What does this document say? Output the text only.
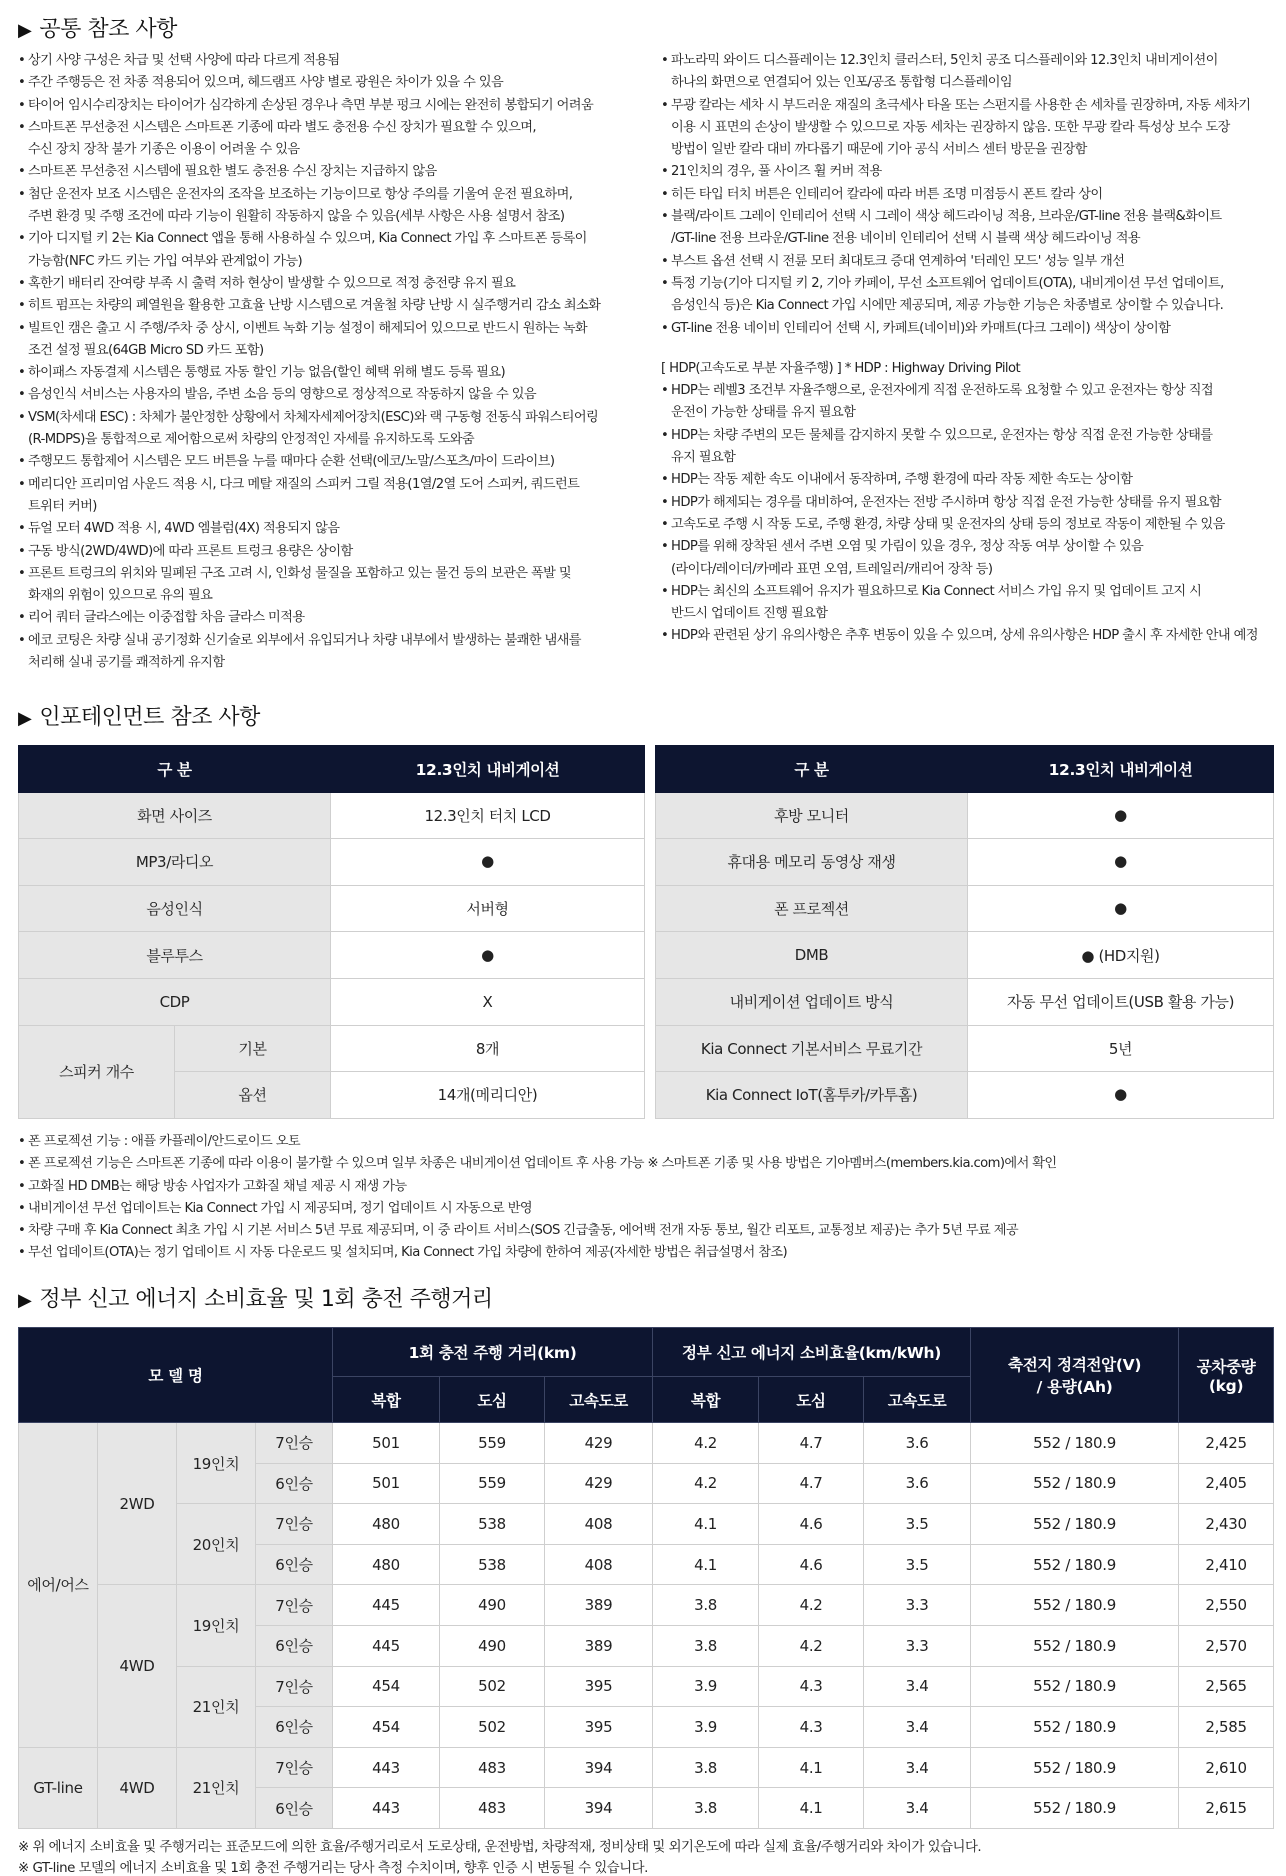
▶ 공통 참조 사항
• 상기 사양 구성은 차급 및 선택 사양에 따라 다르게 적용됨
• 주간 주행등은 전 차종 적용되어 있으며, 헤드램프 사양 별로 광원은 차이가 있을 수 있음
• 타이어 임시수리장치는 타이어가 심각하게 손상된 경우나 측면 부분 펑크 시에는 완전히 봉합되기 어려움
• 스마트폰 무선충전 시스템은 스마트폰 기종에 따라 별도 충전용 수신 장치가 필요할 수 있으며,
수신 장치 장착 불가 기종은 이용이 어려울 수 있음
• 스마트폰 무선충전 시스템에 필요한 별도 충전용 수신 장치는 지급하지 않음
• 첨단 운전자 보조 시스템은 운전자의 조작을 보조하는 기능이므로 항상 주의를 기울여 운전 필요하며,
주변 환경 및 주행 조건에 따라 기능이 원활히 작동하지 않을 수 있음(세부 사항은 사용 설명서 참조)
• 기아 디지털 키 2는 Kia Connect 앱을 통해 사용하실 수 있으며, Kia Connect 가입 후 스마트폰 등록이
가능함(NFC 카드 키는 가입 여부와 관계없이 가능)
• 혹한기 배터리 잔여량 부족 시 출력 저하 현상이 발생할 수 있으므로 적정 충전량 유지 필요
• 히트 펌프는 차량의 폐열원을 활용한 고효율 난방 시스템으로 겨울철 차량 난방 시 실주행거리 감소 최소화
• 빌트인 캠은 출고 시 주행/주차 중 상시, 이벤트 녹화 기능 설정이 해제되어 있으므로 반드시 원하는 녹화
조건 설정 필요(64GB Micro SD 카드 포함)
• 하이패스 자동결제 시스템은 통행료 자동 할인 기능 없음(할인 혜택 위해 별도 등록 필요)
• 음성인식 서비스는 사용자의 발음, 주변 소음 등의 영향으로 정상적으로 작동하지 않을 수 있음
• VSM(차세대 ESC) : 차체가 불안정한 상황에서 차체자세제어장치(ESC)와 랙 구동형 전동식 파워스티어링
(R-MDPS)을 통합적으로 제어함으로써 차량의 안정적인 자세를 유지하도록 도와줌
• 주행모드 통합제어 시스템은 모드 버튼을 누를 때마다 순환 선택(에코/노말/스포츠/마이 드라이브)
• 메리디안 프리미엄 사운드 적용 시, 다크 메탈 재질의 스피커 그릴 적용(1열/2열 도어 스피커, 쿼드런트
트위터 커버)
• 듀얼 모터 4WD 적용 시, 4WD 엠블럼(4X) 적용되지 않음
• 구동 방식(2WD/4WD)에 따라 프론트 트렁크 용량은 상이함
• 프론트 트렁크의 위치와 밀폐된 구조 고려 시, 인화성 물질을 포함하고 있는 물건 등의 보관은 폭발 및
화재의 위험이 있으므로 유의 필요
• 리어 쿼터 글라스에는 이중접합 차음 글라스 미적용
• 에코 코팅은 차량 실내 공기정화 신기술로 외부에서 유입되거나 차량 내부에서 발생하는 불쾌한 냄새를
처리해 실내 공기를 쾌적하게 유지함
• 파노라믹 와이드 디스플레이는 12.3인치 클러스터, 5인치 공조 디스플레이와 12.3인치 내비게이션이
하나의 화면으로 연결되어 있는 인포/공조 통합형 디스플레이임
• 무광 칼라는 세차 시 부드러운 재질의 초극세사 타올 또는 스펀지를 사용한 손 세차를 권장하며, 자동 세차기
이용 시 표면의 손상이 발생할 수 있으므로 자동 세차는 권장하지 않음. 또한 무광 칼라 특성상 보수 도장
방법이 일반 칼라 대비 까다롭기 때문에 기아 공식 서비스 센터 방문을 권장함
• 21인치의 경우, 풀 사이즈 휠 커버 적용
• 히든 타입 터치 버튼은 인테리어 칼라에 따라 버튼 조명 미점등시 폰트 칼라 상이
• 블랙/라이트 그레이 인테리어 선택 시 그레이 색상 헤드라이닝 적용, 브라운/GT-line 전용 블랙&화이트
/GT-line 전용 브라운/GT-line 전용 네이비 인테리어 선택 시 블랙 색상 헤드라이닝 적용
• 부스트 옵션 선택 시 전륜 모터 최대토크 증대 연계하여 '터레인 모드' 성능 일부 개선
• 특정 기능(기아 디지털 키 2, 기아 카페이, 무선 소프트웨어 업데이트(OTA), 내비게이션 무선 업데이트,
음성인식 등)은 Kia Connect 가입 시에만 제공되며, 제공 가능한 기능은 차종별로 상이할 수 있습니다.
• GT-line 전용 네이비 인테리어 선택 시, 카페트(네이비)와 카매트(다크 그레이) 색상이 상이함
[ HDP(고속도로 부분 자율주행) ] * HDP : Highway Driving Pilot
• HDP는 레벨3 조건부 자율주행으로, 운전자에게 직접 운전하도록 요청할 수 있고 운전자는 항상 직접
운전이 가능한 상태를 유지 필요함
• HDP는 차량 주변의 모든 물체를 감지하지 못할 수 있으므로, 운전자는 항상 직접 운전 가능한 상태를
유지 필요함
• HDP는 작동 제한 속도 이내에서 동작하며, 주행 환경에 따라 작동 제한 속도는 상이함
• HDP가 해제되는 경우를 대비하여, 운전자는 전방 주시하며 항상 직접 운전 가능한 상태를 유지 필요함
• 고속도로 주행 시 작동 도로, 주행 환경, 차량 상태 및 운전자의 상태 등의 정보로 작동이 제한될 수 있음
• HDP를 위해 장착된 센서 주변 오염 및 가림이 있을 경우, 정상 작동 여부 상이할 수 있음
(라이다/레이더/카메라 표면 오염, 트레일러/캐리어 장착 등)
• HDP는 최신의 소프트웨어 유지가 필요하므로 Kia Connect 서비스 가입 유지 및 업데이트 고지 시
반드시 업데이트 진행 필요함
• HDP와 관련된 상기 유의사항은 추후 변동이 있을 수 있으며, 상세 유의사항은 HDP 출시 후 자세한 안내 예정
▶ 인포테인먼트 참조 사항
구 분		12.3인치 내비게이션
화면 사이즈		12.3인치 터치 LCD
MP3/라디오		●
음성인식		서버형
블루투스		●
CDP		X
스피커 개수	기본	8개
	옵션	14개(메리디안)
구 분	12.3인치 내비게이션
후방 모니터	●
휴대용 메모리 동영상 재생	●
폰 프로젝션	●
DMB	● (HD지원)
내비게이션 업데이트 방식	자동 무선 업데이트(USB 활용 가능)
Kia Connect 기본서비스 무료기간	5년
Kia Connect IoT(홈투카/카투홈)	●
• 폰 프로젝션 기능 : 애플 카플레이/안드로이드 오토
• 폰 프로젝션 기능은 스마트폰 기종에 따라 이용이 불가할 수 있으며 일부 차종은 내비게이션 업데이트 후 사용 가능 ※ 스마트폰 기종 및 사용 방법은 기아멤버스(members.kia.com)에서 확인
• 고화질 HD DMB는 해당 방송 사업자가 고화질 채널 제공 시 재생 가능
• 내비게이션 무선 업데이트는 Kia Connect 가입 시 제공되며, 정기 업데이트 시 자동으로 반영
• 차량 구매 후 Kia Connect 최초 가입 시 기본 서비스 5년 무료 제공되며, 이 중 라이트 서비스(SOS 긴급출동, 에어백 전개 자동 통보, 월간 리포트, 교통정보 제공)는 추가 5년 무료 제공
• 무선 업데이트(OTA)는 정기 업데이트 시 자동 다운로드 및 설치되며, Kia Connect 가입 차량에 한하여 제공(자세한 방법은 취급설명서 참조)
▶ 정부 신고 에너지 소비효율 및 1회 충전 주행거리
모 델 명				1회 충전 주행 거리(km)			정부 신고 에너지 소비효율(km/kWh)			축전지 정격전압(V)
/ 용량(Ah)	공차중량
(kg)
				복합	도심	고속도로	복합	도심	고속도로		
에어/어스	2WD	19인치	7인승	501	559	429	4.2	4.7	3.6	552 / 180.9	2,425
			6인승	501	559	429	4.2	4.7	3.6	552 / 180.9	2,405
		20인치	7인승	480	538	408	4.1	4.6	3.5	552 / 180.9	2,430
			6인승	480	538	408	4.1	4.6	3.5	552 / 180.9	2,410
	4WD	19인치	7인승	445	490	389	3.8	4.2	3.3	552 / 180.9	2,550
			6인승	445	490	389	3.8	4.2	3.3	552 / 180.9	2,570
		21인치	7인승	454	502	395	3.9	4.3	3.4	552 / 180.9	2,565
			6인승	454	502	395	3.9	4.3	3.4	552 / 180.9	2,585
GT-line	4WD	21인치	7인승	443	483	394	3.8	4.1	3.4	552 / 180.9	2,610
			6인승	443	483	394	3.8	4.1	3.4	552 / 180.9	2,615
※ 위 에너지 소비효율 및 주행거리는 표준모드에 의한 효율/주행거리로서 도로상태, 운전방법, 차량적재, 정비상태 및 외기온도에 따라 실제 효율/주행거리와 차이가 있습니다.
※ GT-line 모델의 에너지 소비효율 및 1회 충전 주행거리는 당사 측정 수치이며, 향후 인증 시 변동될 수 있습니다.
